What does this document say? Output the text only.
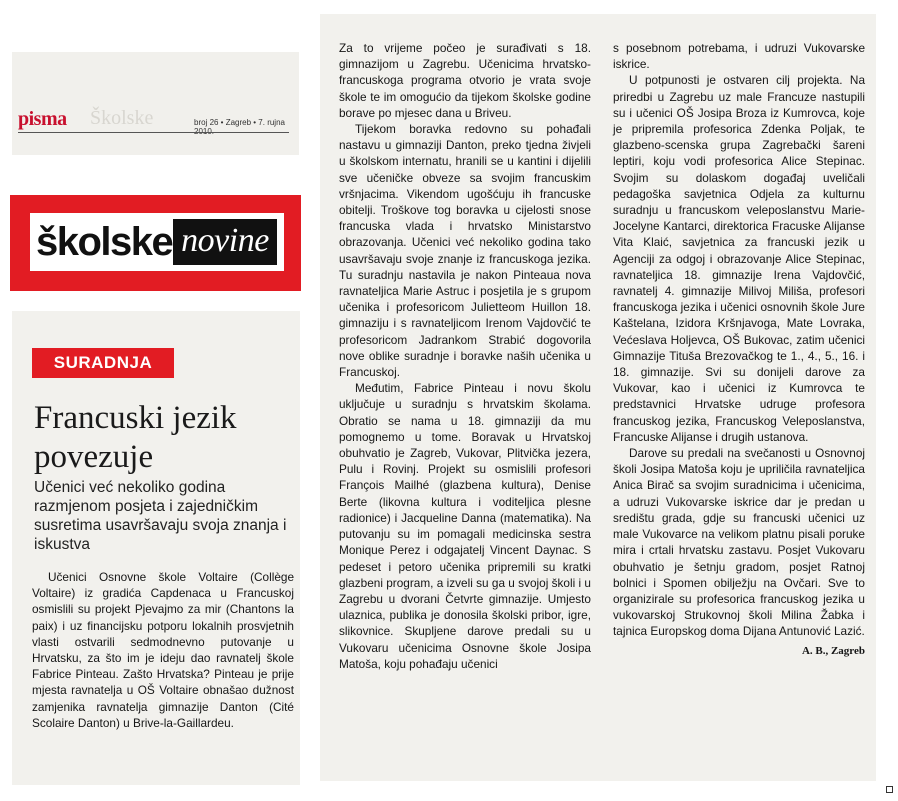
Školske
pisma	broj 26 • Zagreb • 7. rujna 2010.
školske novine
SURADNJA
Francuski jezik povezuje
Učenici već nekoliko godina razmjenom posjeta i zajedničkim susretima usavršavaju svoja znanja i iskustva

Učenici Osnovne škole Voltaire (Collège Voltaire) iz gradića Capdenaca u Francuskoj osmislili su projekt Pjevajmo za mir (Chantons la paix) i uz financijsku potporu lokalnih prosvjetnih vlasti ostvarili sedmodnevno putovanje u Hrvatsku, za što im je ideju dao ravnatelj škole Fabrice Pinteau. Zašto Hrvatska? Pinteau je prije mjesta ravnatelja u OŠ Voltaire obnašao dužnost zamjenika ravnatelja gimnazije Danton (Cité Scolaire Danton) u Brive-la-Gaillardeu.

Za to vrijeme počeo je surađivati s 18. gimnazijom u Zagrebu. Učenicima hrvatsko-francuskoga programa otvorio je vrata svoje škole te im omogućio da tijekom školske godine borave po mjesec dana u Briveu.

Tijekom boravka redovno su pohađali nastavu u gimnaziji Danton, preko tjedna živjeli u školskom internatu, hranili se u kantini i dijelili sve učeničke obveze sa svojim francuskim vršnjacima. Vikendom ugošćuju ih francuske obitelji. Troškove tog boravka u cijelosti snose francuska vlada i hrvatsko Ministarstvo obrazovanja. Učenici već nekoliko godina tako usavršavaju svoje znanje iz francuskoga jezika. Tu suradnju nastavila je nakon Pinteaua nova ravnateljica Marie Astruc i posjetila je s grupom učenika i profesoricom Julietteom Huillon 18. gimnaziju i s ravnateljicom Irenom Vajdovčić te profesoricom Jadrankom Strabić dogovorila nove oblike suradnje i boravke naših učenika u Francuskoj.

Međutim, Fabrice Pinteau i novu školu uključuje u suradnju s hrvatskim školama. Obratio se nama u 18. gimnaziji da mu pomognemo u tome. Boravak u Hrvatskoj obuhvatio je Zagreb, Vukovar, Plitvička jezera, Pulu i Rovinj. Projekt su osmislili profesori François Mailhé (glazbena kultura), Denise Berte (likovna kultura i voditeljica plesne radionice) i Jacqueline Danna (matematika). Na putovanju su im pomagali medicinska sestra Monique Perez i odgajatelj Vincent Daynac. S pedeset i petoro učenika pripremili su kratki glazbeni program, a izveli su ga u svojoj školi i u Zagrebu u dvorani Četvrte gimnazije. Umjesto ulaznica, publika je donosila školski pribor, igre, slikovnice. Skupljene darove predali su u Vukovaru učenicima Osnovne škole Josipa Matoša, koju pohađaju učenici

s posebnom potrebama, i udruzi Vukovarske iskrice.

U potpunosti je ostvaren cilj projekta. Na priredbi u Zagrebu uz male Francuze nastupili su i učenici OŠ Josipa Broza iz Kumrovca, koje je pripremila profesorica Zdenka Poljak, te glazbeno-scenska grupa Zagrebački šareni leptiri, koju vodi profesorica Alice Stepinac. Svojim su dolaskom događaj uveličali pedagoška savjetnica Odjela za kulturnu suradnju u francuskom veleposlanstvu Marie-Jocelyne Kantarci, direktorica Fracuske Alijanse Vita Klaić, savjetnica za francuski jezik u Agenciji za odgoj i obrazovanje Alice Stepinac, ravnateljica 18. gimnazije Irena Vajdovčić, ravnatelj 4. gimnazije Milivoj Miliša, profesori francuskoga jezika i učenici osnovnih škole Jure Kaštelana, Izidora Kršnjavoga, Mate Lovraka, Većeslava Holjevca, OŠ Bukovac, zatim učenici Gimnazije Tituša Brezovačkog te 1., 4., 5., 16. i 18. gimnazije. Svi su donijeli darove za Vukovar, kao i učenici iz Kumrovca te predstavnici Hrvatske udruge profesora francuskog jezika, Francuskog Veleposlanstva, Francuske Alijanse i drugih ustanova.

Darove su predali na svečanosti u Osnovnoj školi Josipa Matoša koju je upriličila ravnateljica Anica Birač sa svojim suradnicima i učenicima, a udruzi Vukovarske iskrice dar je predan u središtu grada, gdje su francuski učenici uz male Vukovarce na velikom platnu pisali poruke mira i crtali hrvatsku zastavu. Posjet Vukovaru obuhvatio je šetnju gradom, posjet Ratnoj bolnici i Spomen obilježju na Ovčari. Sve to organizirale su profesorica francuskog jezika u vukovarskoj Strukovnoj školi Milina Žabka i tajnica Europskog doma Dijana Antunović Lazić.

A. B., Zagreb
